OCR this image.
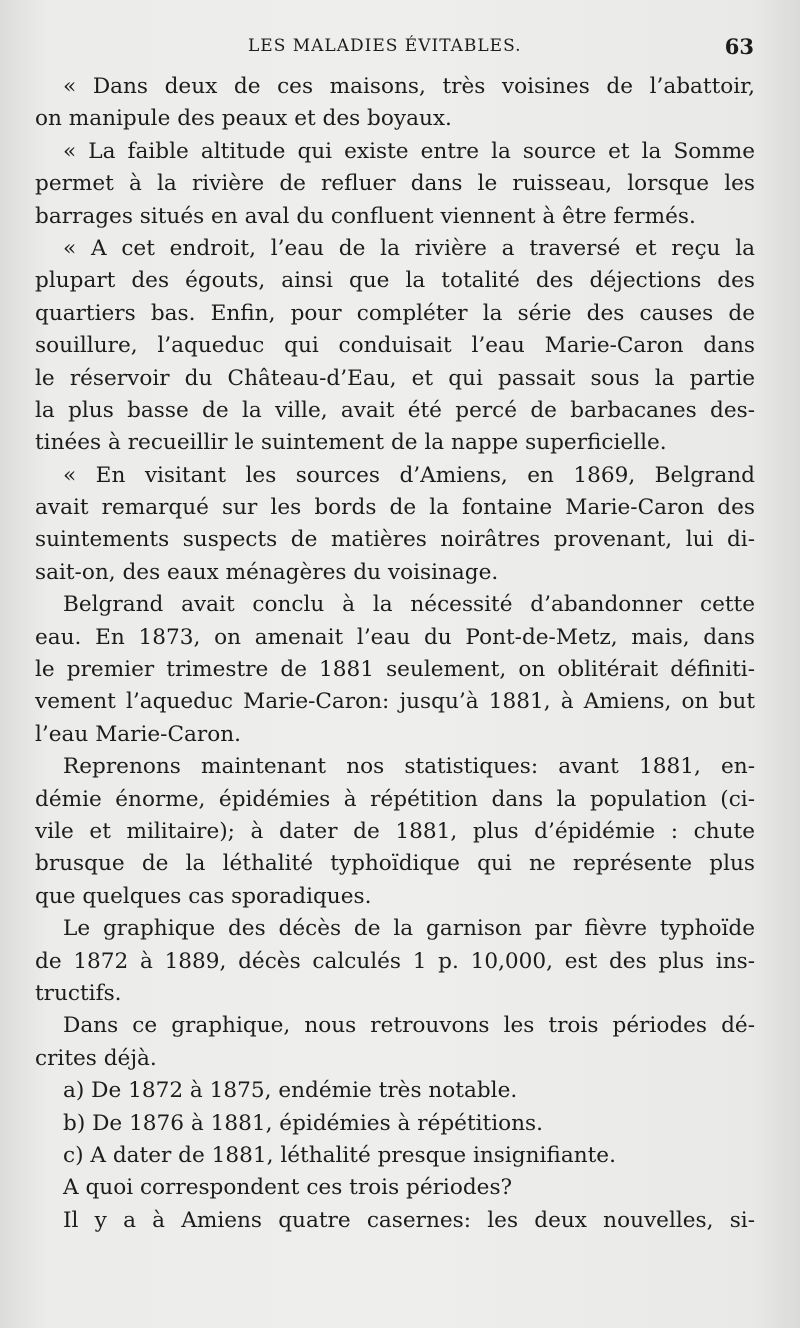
LES MALADIES ÉVITABLES.	63
« Dans deux de ces maisons, très voisines de l’abattoir,
on manipule des peaux et des boyaux.
« La faible altitude qui existe entre la source et la Somme
permet à la rivière de refluer dans le ruisseau, lorsque les
barrages situés en aval du confluent viennent à être fermés.
« A cet endroit, l’eau de la rivière a traversé et reçu la
plupart des égouts, ainsi que la totalité des déjections des
quartiers bas. Enfin, pour compléter la série des causes de
souillure, l’aqueduc qui conduisait l’eau Marie-Caron dans
le réservoir du Château-d’Eau, et qui passait sous la partie
la plus basse de la ville, avait été percé de barbacanes des-
tinées à recueillir le suintement de la nappe superficielle.
« En visitant les sources d’Amiens, en 1869, Belgrand
avait remarqué sur les bords de la fontaine Marie-Caron des
suintements suspects de matières noirâtres provenant, lui di-
sait-on, des eaux ménagères du voisinage.
Belgrand avait conclu à la nécessité d’abandonner cette
eau. En 1873, on amenait l’eau du Pont-de-Metz, mais, dans
le premier trimestre de 1881 seulement, on oblitérait définiti-
vement l’aqueduc Marie-Caron: jusqu’à 1881, à Amiens, on but
l’eau Marie-Caron.
Reprenons maintenant nos statistiques: avant 1881, en-
démie énorme, épidémies à répétition dans la population (ci-
vile et militaire); à dater de 1881, plus d’épidémie : chute
brusque de la léthalité typhoïdique qui ne représente plus
que quelques cas sporadiques.
Le graphique des décès de la garnison par fièvre typhoïde
de 1872 à 1889, décès calculés 1 p. 10,000, est des plus ins-
tructifs.
Dans ce graphique, nous retrouvons les trois périodes dé-
crites déjà.
a) De 1872 à 1875, endémie très notable.
b) De 1876 à 1881, épidémies à répétitions.
c) A dater de 1881, léthalité presque insignifiante.
A quoi correspondent ces trois périodes?
Il y a à Amiens quatre casernes: les deux nouvelles, si-
